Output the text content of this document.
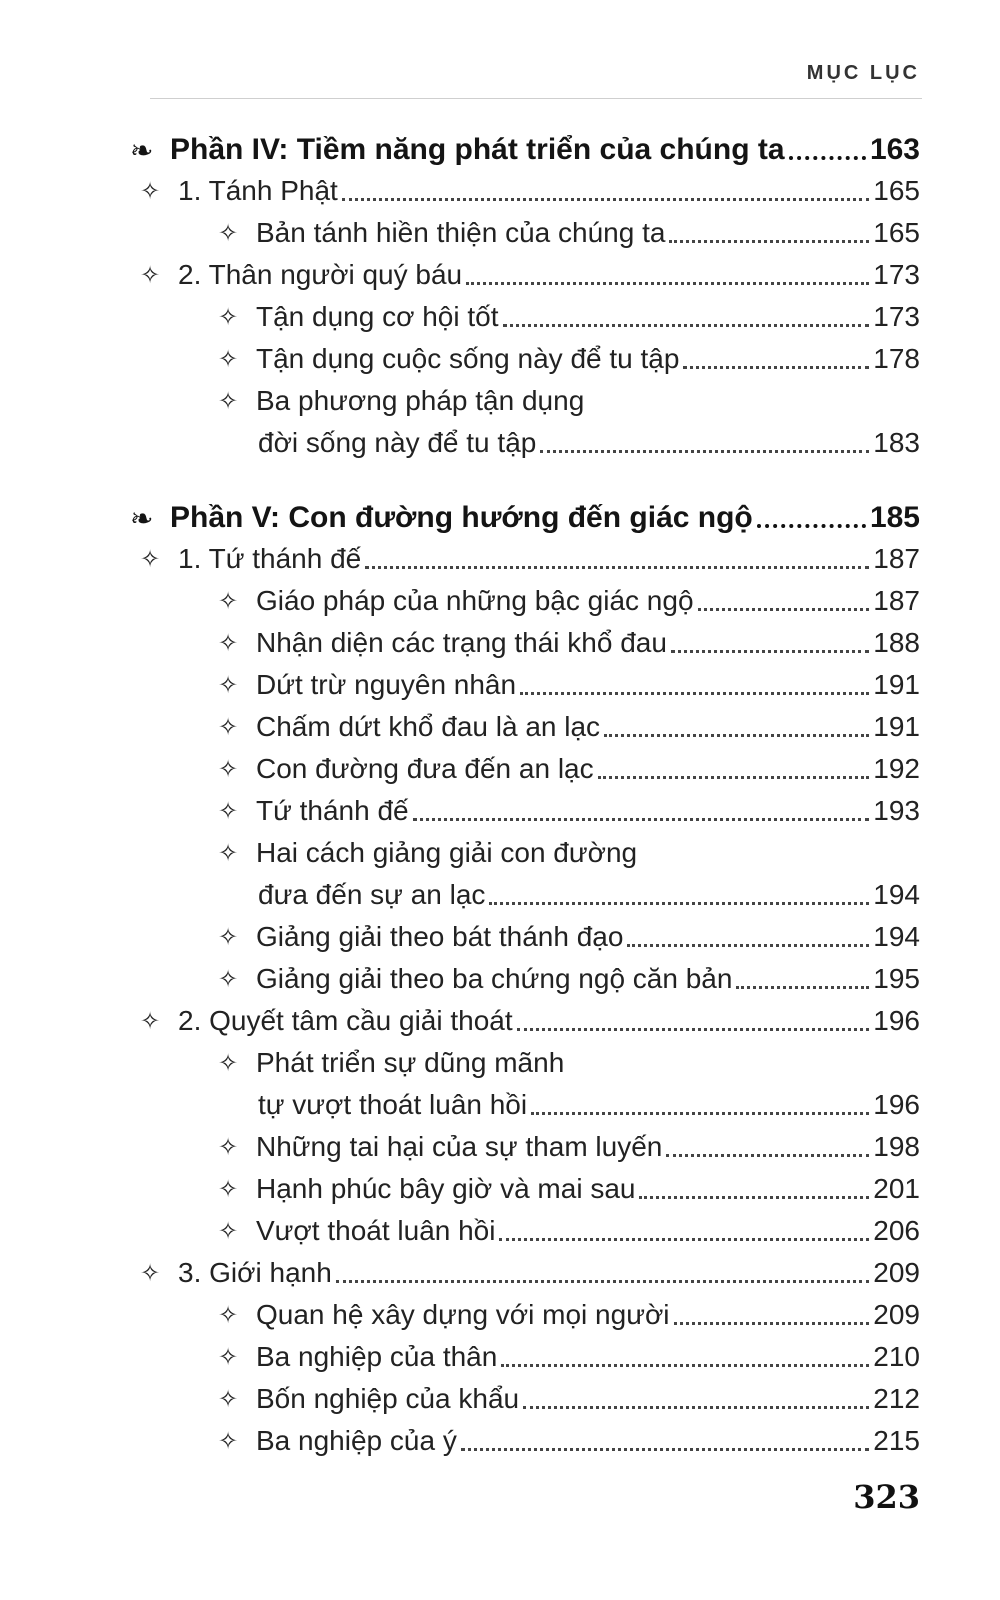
MỤC LỤC
❧ Phần IV: Tiềm năng phát triển của chúng ta	163
✧ 1. Tánh Phật	165
✧ Bản tánh hiền thiện của chúng ta	165
✧ 2. Thân người quý báu	173
✧ Tận dụng cơ hội tốt	173
✧ Tận dụng cuộc sống này để tu tập	178
✧ Ba phương pháp tận dụng
đời sống này để tu tập	183
❧ Phần V: Con đường hướng đến giác ngộ	185
✧ 1. Tứ thánh đế	187
✧ Giáo pháp của những bậc giác ngộ	187
✧ Nhận diện các trạng thái khổ đau	188
✧ Dứt trừ nguyên nhân	191
✧ Chấm dứt khổ đau là an lạc	191
✧ Con đường đưa đến an lạc	192
✧ Tứ thánh đế	193
✧ Hai cách giảng giải con đường
đưa đến sự an lạc	194
✧ Giảng giải theo bát thánh đạo	194
✧ Giảng giải theo ba chứng ngộ căn bản	195
✧ 2. Quyết tâm cầu giải thoát	196
✧ Phát triển sự dũng mãnh
tự vượt thoát luân hồi	196
✧ Những tai hại của sự tham luyến	198
✧ Hạnh phúc bây giờ và mai sau	201
✧ Vượt thoát luân hồi	206
✧ 3. Giới hạnh	209
✧ Quan hệ xây dựng với mọi người	209
✧ Ba nghiệp của thân	210
✧ Bốn nghiệp của khẩu	212
✧ Ba nghiệp của ý	215
323
